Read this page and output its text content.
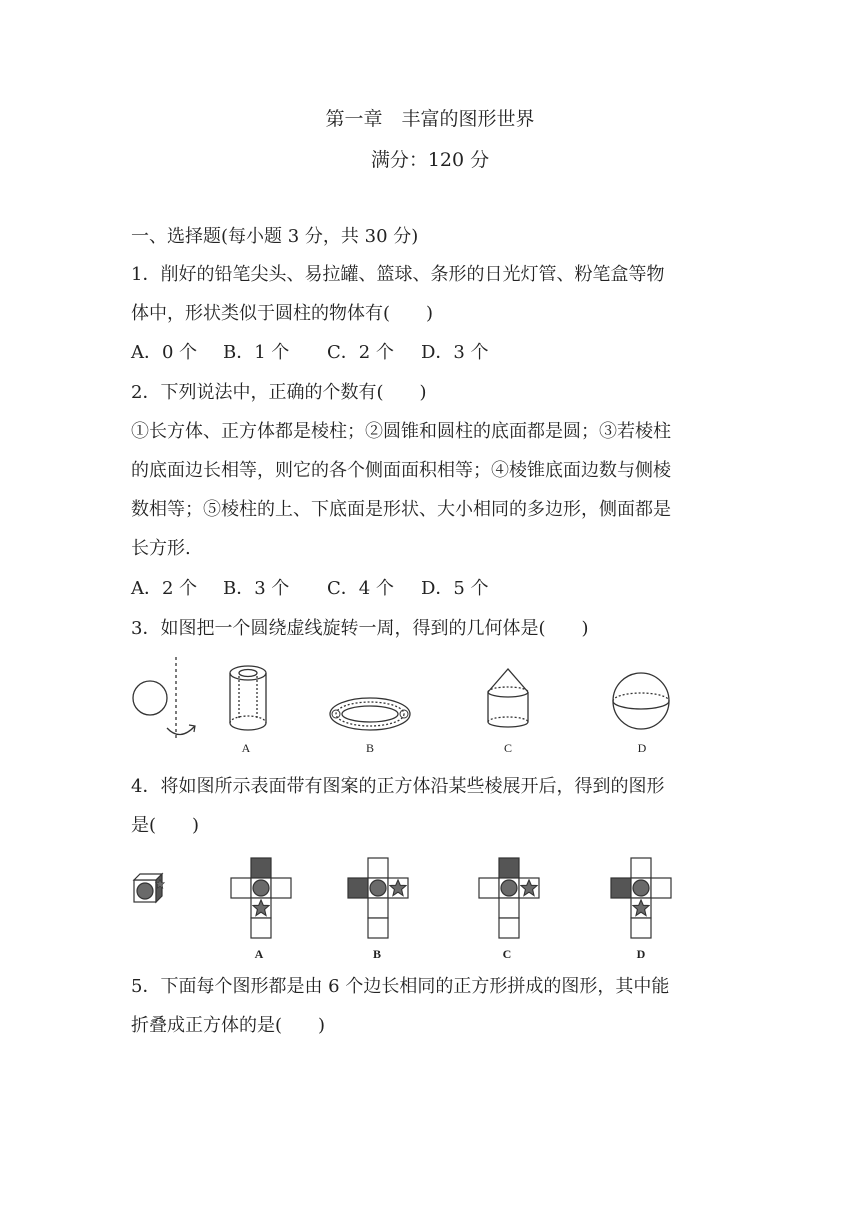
第一章　丰富的图形世界
满分：120 分
一、选择题(每小题 3 分，共 30 分)
1．削好的铅笔尖头、易拉罐、篮球、条形的日光灯管、粉笔盒等物
体中，形状类似于圆柱的物体有(　　)
A．0 个 B．1 个 C．2 个 D．3 个
2．下列说法中，正确的个数有(　　)
①长方体、正方体都是棱柱；②圆锥和圆柱的底面都是圆；③若棱柱
的底面边长相等，则它的各个侧面面积相等；④棱锥底面边数与侧棱
数相等；⑤棱柱的上、下底面是形状、大小相同的多边形，侧面都是
长方形.
A．2 个 B．3 个 C．4 个 D．5 个
3．如图把一个圆绕虚线旋转一周，得到的几何体是(　　)
4．将如图所示表面带有图案的正方体沿某些棱展开后，得到的图形
是(　　)
5．下面每个图形都是由 6 个边长相同的正方形拼成的图形，其中能
折叠成正方体的是(　　)
A	B	C	D
A	B	C	D
